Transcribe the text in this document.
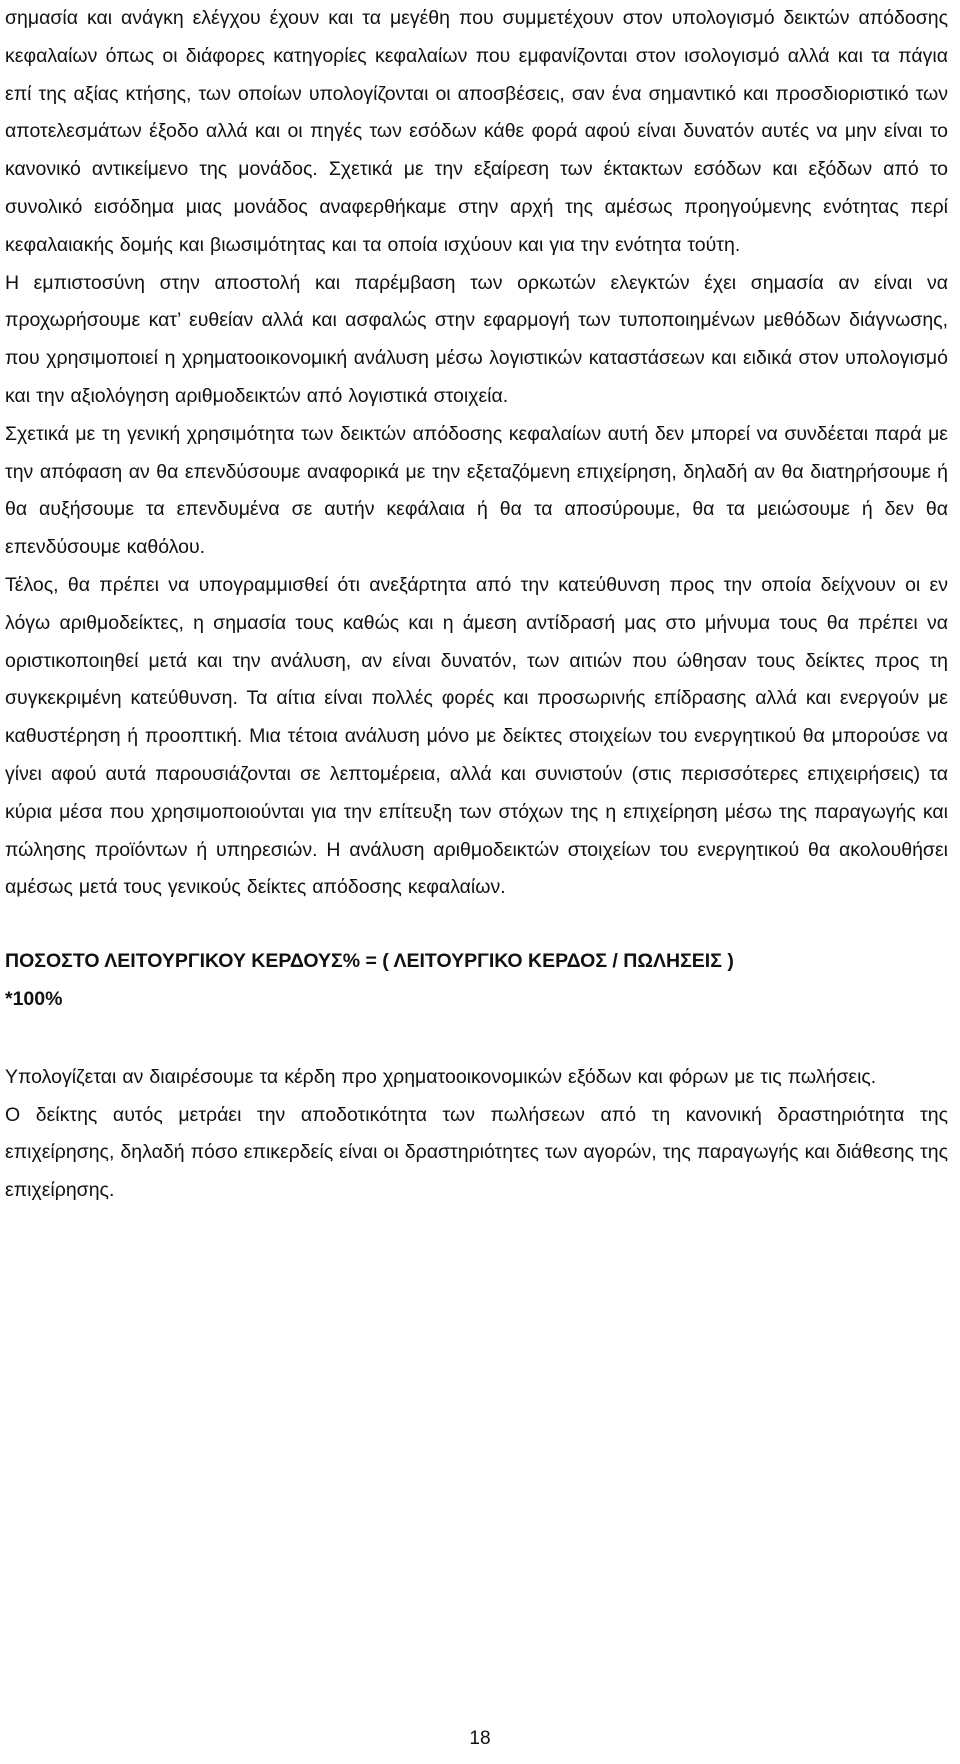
σημασία και ανάγκη ελέγχου έχουν και τα μεγέθη που συμμετέχουν στον υπολογισμό δεικτών απόδοσης κεφαλαίων όπως οι διάφορες κατηγορίες κεφαλαίων που εμφανίζονται στον ισολογισμό αλλά και τα πάγια επί της αξίας κτήσης, των οποίων υπολογίζονται οι αποσβέσεις, σαν ένα σημαντικό και προσδιοριστικό των αποτελεσμάτων έξοδο αλλά και οι πηγές των εσόδων κάθε φορά αφού είναι δυνατόν αυτές να μην είναι το κανονικό αντικείμενο της μονάδος. Σχετικά με την εξαίρεση των έκτακτων εσόδων και εξόδων από το συνολικό εισόδημα μιας μονάδος αναφερθήκαμε στην αρχή της αμέσως προηγούμενης ενότητας περί κεφαλαιακής δομής και βιωσιμότητας και τα οποία ισχύουν και για την ενότητα τούτη.

Η εμπιστοσύνη στην αποστολή και παρέμβαση των ορκωτών ελεγκτών έχει σημασία αν είναι να προχωρήσουμε κατ’ ευθείαν αλλά και ασφαλώς στην εφαρμογή των τυποποιημένων μεθόδων διάγνωσης, που χρησιμοποιεί η χρηματοοικονομική ανάλυση μέσω λογιστικών καταστάσεων και ειδικά στον υπολογισμό και την αξιολόγηση αριθμοδεικτών από λογιστικά στοιχεία.

Σχετικά με τη γενική χρησιμότητα των δεικτών απόδοσης κεφαλαίων αυτή δεν μπορεί να συνδέεται παρά με την απόφαση αν θα επενδύσουμε αναφορικά με την εξεταζόμενη επιχείρηση, δηλαδή αν θα διατηρήσουμε ή θα αυξήσουμε τα επενδυμένα σε αυτήν κεφάλαια ή θα τα αποσύρουμε, θα τα μειώσουμε ή δεν θα επενδύσουμε καθόλου.

Τέλος, θα πρέπει να υπογραμμισθεί ότι ανεξάρτητα από την κατεύθυνση προς την οποία δείχνουν οι εν λόγω αριθμοδείκτες, η σημασία τους καθώς και η άμεση αντίδρασή μας στο μήνυμα τους θα πρέπει να οριστικοποιηθεί μετά και την ανάλυση, αν είναι δυνατόν, των αιτιών που ώθησαν τους δείκτες προς τη συγκεκριμένη κατεύθυνση. Τα αίτια είναι πολλές φορές και προσωρινής επίδρασης αλλά και ενεργούν με καθυστέρηση ή προοπτική. Μια τέτοια ανάλυση μόνο με δείκτες στοιχείων του ενεργητικού θα μπορούσε να γίνει αφού αυτά παρουσιάζονται σε λεπτομέρεια, αλλά και συνιστούν (στις περισσότερες επιχειρήσεις) τα κύρια μέσα που χρησιμοποιούνται για την επίτευξη των στόχων της η επιχείρηση μέσω της παραγωγής και πώλησης προϊόντων ή υπηρεσιών. Η ανάλυση αριθμοδεικτών στοιχείων του ενεργητικού θα ακολουθήσει αμέσως μετά τους γενικούς δείκτες απόδοσης κεφαλαίων.

ΠΟΣΟΣΤΟ ΛΕΙΤΟΥΡΓΙΚΟΥ ΚΕΡΔΟΥΣ% = ( ΛΕΙΤΟΥΡΓΙΚΟ ΚΕΡΔΟΣ / ΠΩΛΗΣΕΙΣ )
*100%

Υπολογίζεται αν διαιρέσουμε τα κέρδη προ χρηματοοικονομικών εξόδων και φόρων με τις πωλήσεις.

Ο δείκτης αυτός μετράει την αποδοτικότητα των πωλήσεων από τη κανονική δραστηριότητα της επιχείρησης, δηλαδή πόσο επικερδείς είναι οι δραστηριότητες των αγορών, της παραγωγής και διάθεσης της επιχείρησης.

18
